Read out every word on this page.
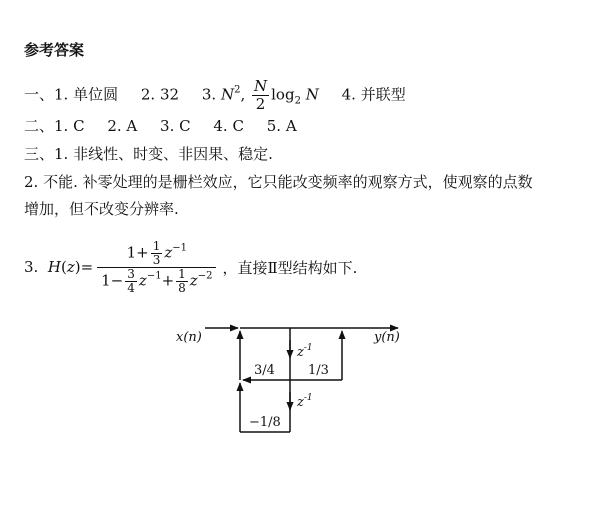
参考答案
一、1. 单位圆 2. 32 3. $N^2$, $\frac{N}{2} \log_2 N$ 4. 并联型
二、1. C 2. A 3. C 4. C 5. A
三、1. 非线性、时变、非因果、稳定.
2. 不能. 补零处理的是栅栏效应，它只能改变频率的观察方式，使观察的点数
增加，但不改变分辨率.
3.
H ( z )= $\frac{1+ \frac{1}{3} z^{-1}}{1- \frac{3}{4} z^{-1}+ \frac{1}{8} z^{-2}}$ ，直接Ⅱ型结构如下.
x(n)	y(n)
$z^{-1}$
$z^{-1}$
3/4	1/3
−1/8
